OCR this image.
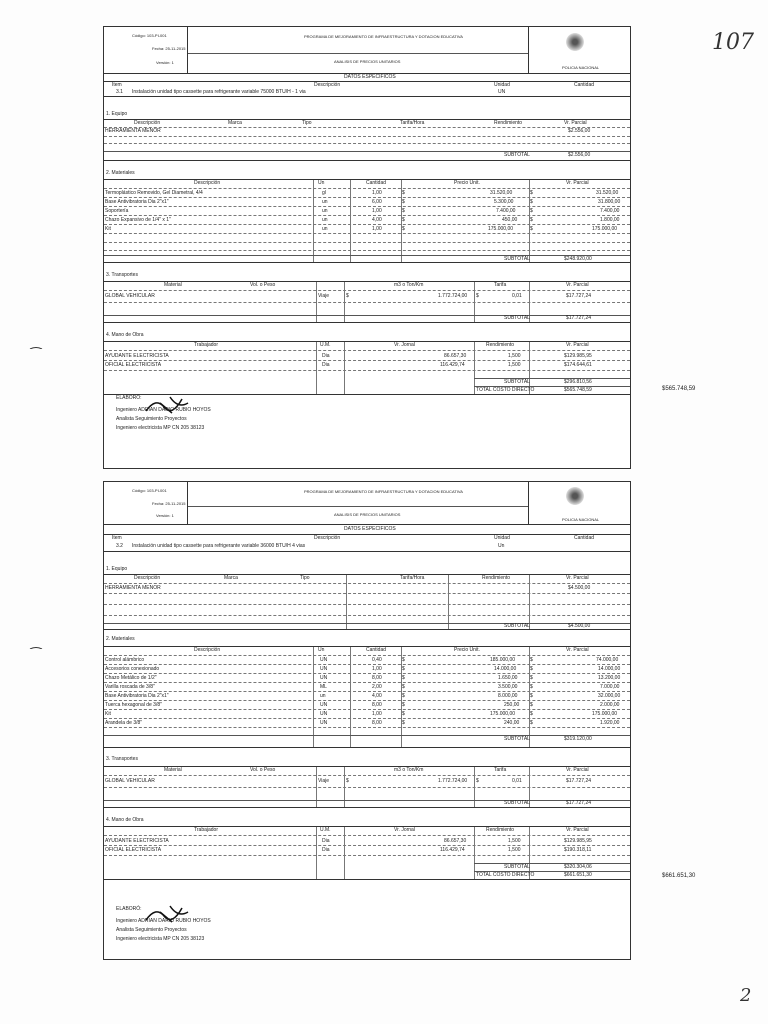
107
$565.748,59
$661.651,30
2
Código: 103-PI-001
Fecha: 25-11-2015
Versión: 1
PROGRAMA DE MEJORAMIENTO DE INFRAESTRUCTURA Y DOTACION EDUCATIVA
ANALISIS DE PRECIOS UNITARIOS
POLICIA NACIONAL
DATOS ESPECIFICOS
Item	Descripción	Unidad	Cantidad
3.1 Instalación unidad tipo cassette para refrigerante variable 75000 BTU/H - 1 via	UN
1. Equipo
Descripción	Marca	Tipo	Tarifa/Hora	Rendimiento	Vr. Parcial
HERRAMIENTA MENOR	$2.556,00
SUBTOTAL	$2.556,00
2. Materiales
Descripción	Un	Cantidad	Precio Unit.	Vr. Parcial
Termoplástico Removido, Gel Diametral, 4/4	gl	1,00	$	31.520,00	$	31.520,00
Base Antivibratoria Dia 2"x1"	un	6,00	$	5.300,00	$	31.800,00
Soportería	un	1,00	$	7.400,00	$	7.400,00
Chazo Expansivo de 1/4" x 1"	un	4,00	$	450,00	$	1.800,00
Kit	un	1,00	$	175.000,00	$	175.000,00
SUBTOTAL	$248.920,00
3. Transportes
Material	Vol. o Peso	m3 o Ton/Km	Tarifa	Vr. Parcial
GLOBAL VEHICULAR	Viaje	$	1.772.724,00 $	0,01	$17.727,24
SUBTOTAL	$17.727,24
4. Mano de Obra
Trabajador	U.M.	Vr. Jornal	Rendimiento	Vr. Parcial
AYUDANTE ELECTRICISTA	Dia	86.657,30	1,500	$129.985,95
OFICIAL ELECTRICISTA	Dia	116.429,74	1,500	$174.644,61
SUBTOTAL	$296.810,56
TOTAL COSTO DIRECTO	$565.748,59
ELABORÓ:
Ingeniero ADRIAN DARIO RUBIO HOYOS
Analista Seguimiento Proyectos
Ingeniero electricista MP CN 205 38123
Código: 103-PI-001
Fecha: 25-11-2015
Versión: 1
PROGRAMA DE MEJORAMIENTO DE INFRAESTRUCTURA Y DOTACION EDUCATIVA
ANALISIS DE PRECIOS UNITARIOS
POLICIA NACIONAL
DATOS ESPECIFICOS
Item	Descripción	Unidad	Cantidad
3.2 Instalación unidad tipo cassette para refrigerante variable 36000 BTU/H 4 vias	Un
1. Equipo
Descripción	Marca	Tipo	Tarifa/Hora	Rendimiento	Vr. Parcial
HERRAMIENTA MENOR	$4.500,00
SUBTOTAL	$4.500,00
2. Materiales
Descripción	Un	Cantidad	Precio Unit.	Vr. Parcial
Control alámbrico	UN	0,40	$	185.000,00	$	74.000,00
Accesorios conexionado	UN	1,00	$	14.000,00	$	14.000,00
Chazo Metálico de 1/2"	UN	8,00	$	1.650,00	$	13.200,00
Varilla roscada de 3/8"	ML	2,00	$	3.500,00	$	7.000,00
Base Antivibratoria Dia 2"x1"	un	4,00	$	8.000,00	$	32.000,00
Tuerca hexagonal de 3/8"	UN	8,00	$	250,00 $	2.000,00
Kit	UN	1,00	$	175.000,00	$	175.000,00
Arandela de 3/8"	UN	8,00	$	240,00 $	1.920,00
SUBTOTAL	$319.120,00
3. Transportes
Material	Vol. o Peso	m3 o Ton/Km	Tarifa	Vr. Parcial
GLOBAL VEHICULAR	Viaje	$	1.772.724,00 $	0,01	$17.727,24
SUBTOTAL	$17.727,24
4. Mano de Obra
Trabajador	U.M.	Vr. Jornal	Rendimiento	Vr. Parcial
AYUDANTE ELECTRICISTA	Dia	86.657,30	1,500	$129.985,95
OFICIAL ELECTRICISTA	Dia	116.429,74	1,500	$190.318,11
SUBTOTAL	$320.304,06
TOTAL COSTO DIRECTO	$661.651,30
ELABORÓ:
Ingeniero ADRIAN DARIO RUBIO HOYOS
Analista Seguimiento Proyectos
Ingeniero electricista MP CN 205 38123
